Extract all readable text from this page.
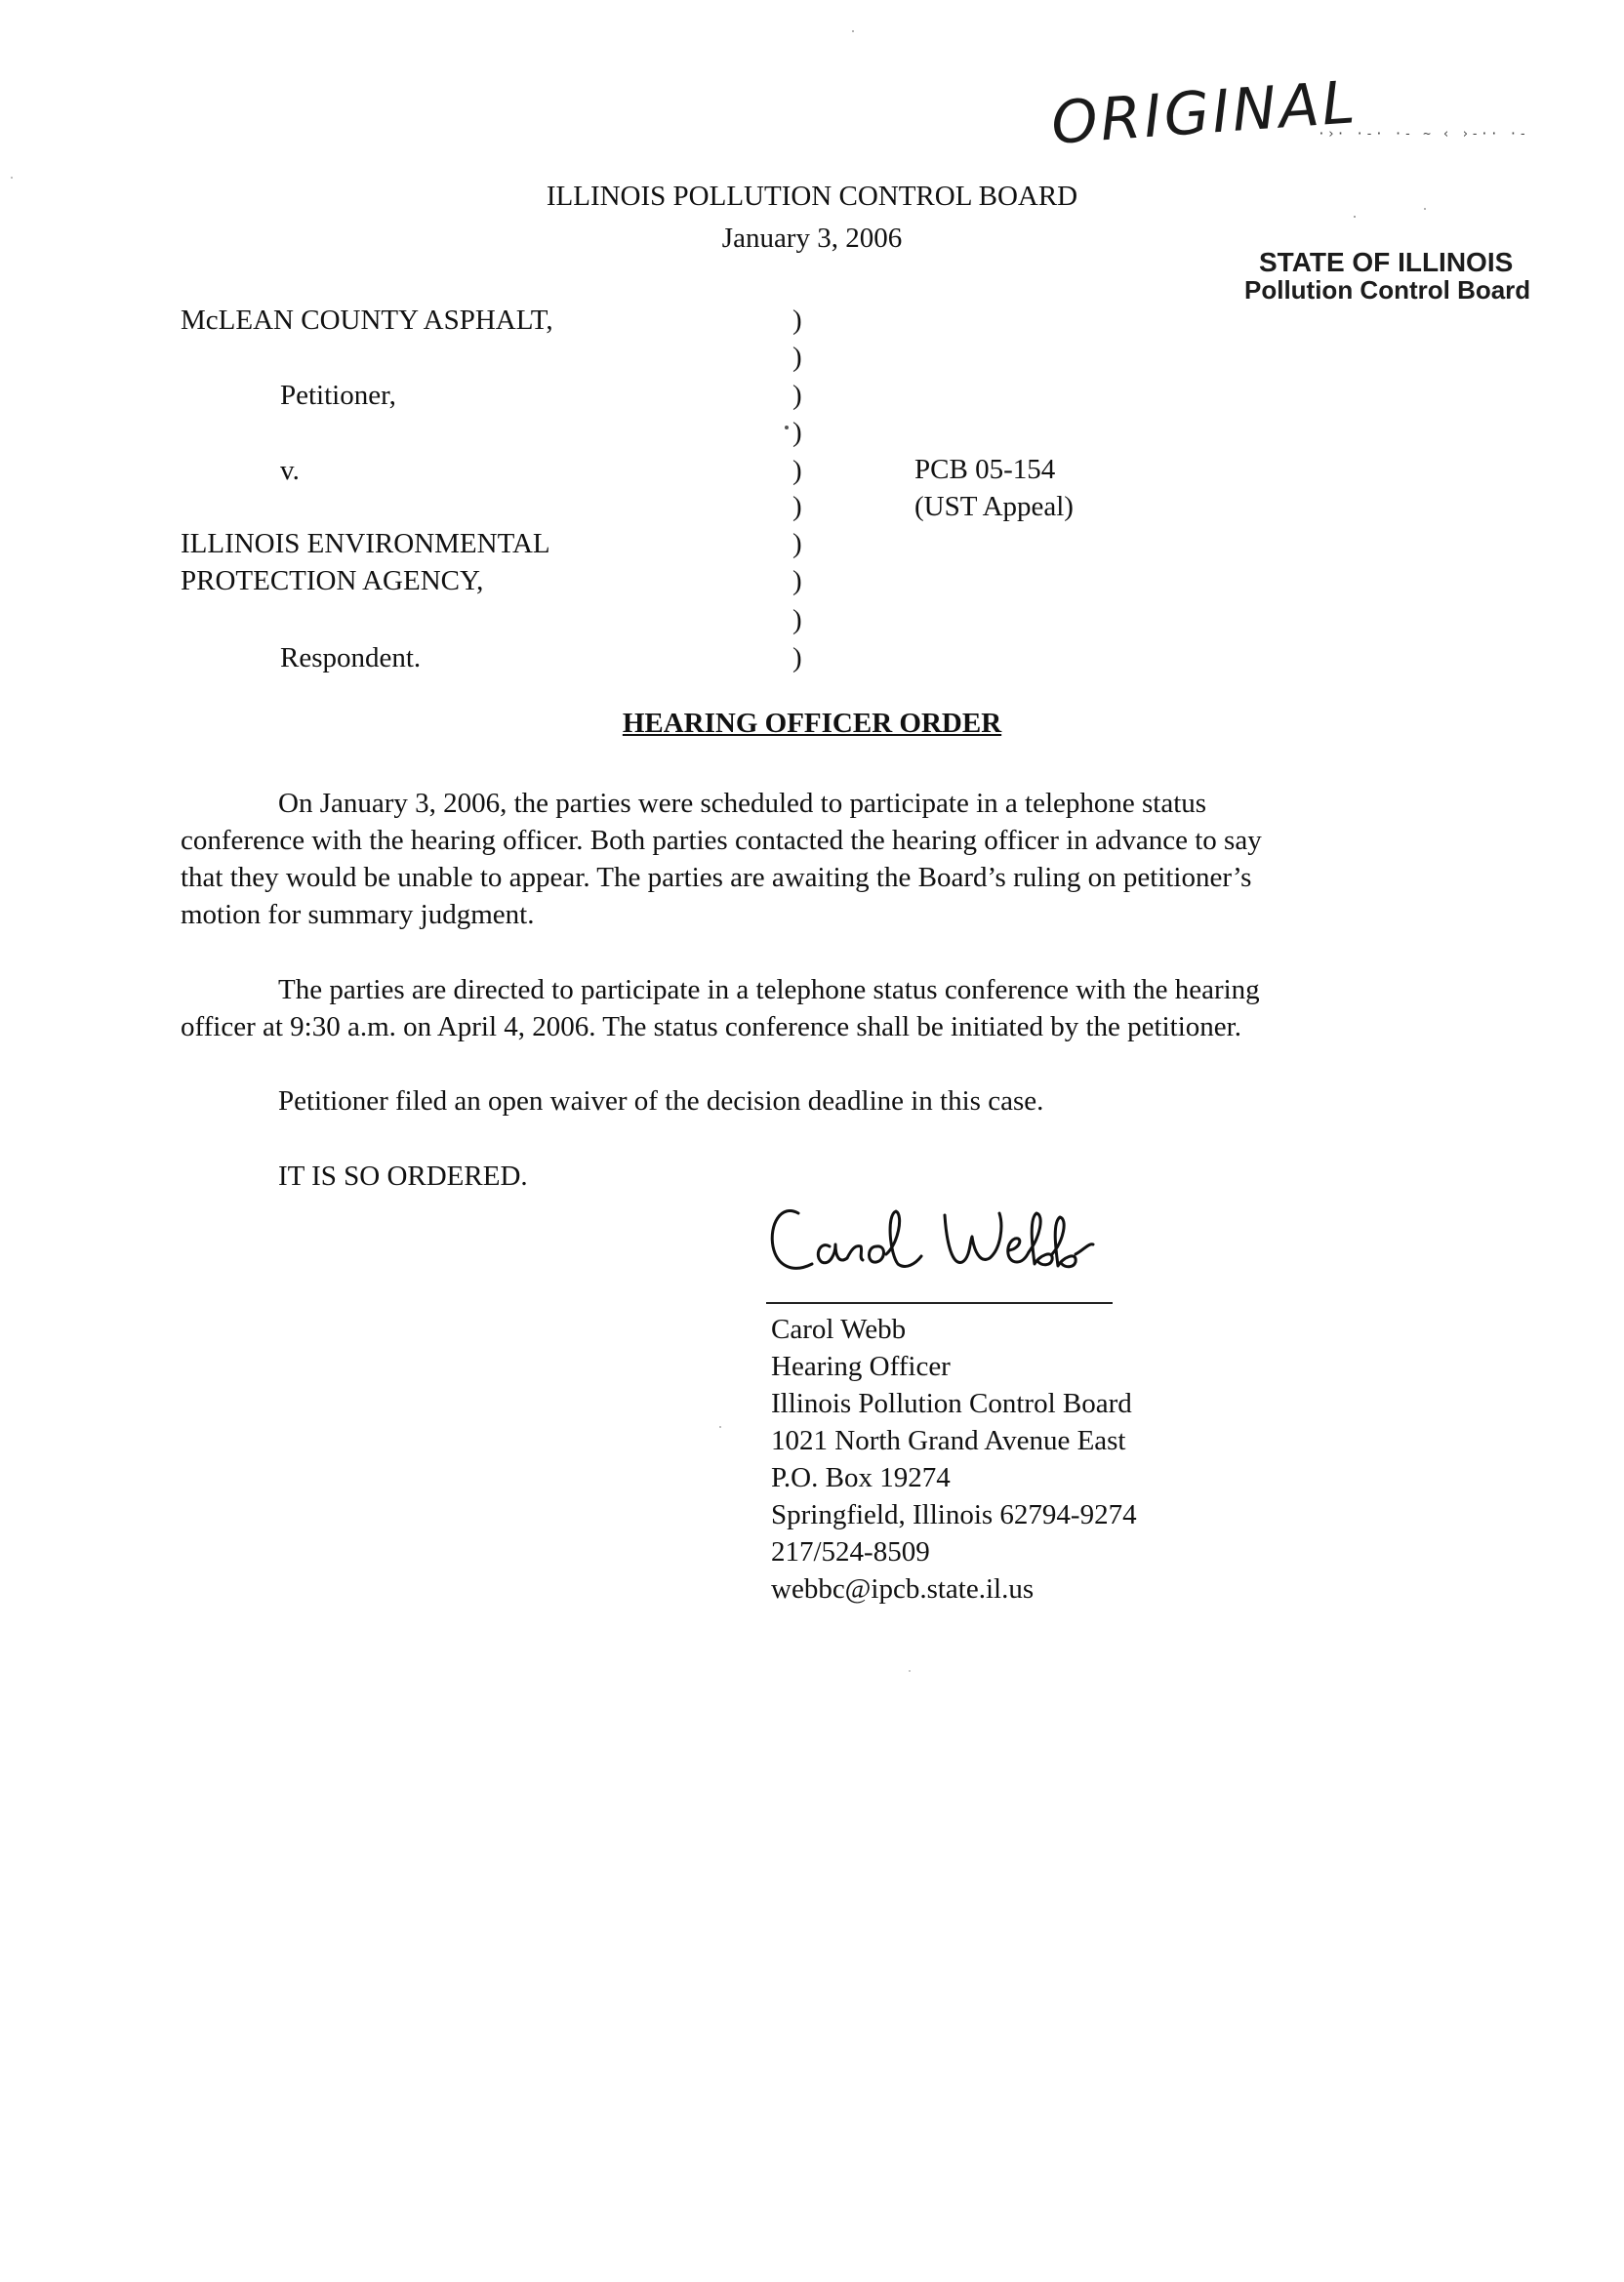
ORIGINAL
·›· ·-· ·- ~ ‹ ›-·· ·-
STATE OF ILLINOIS
Pollution Control Board
ILLINOIS POLLUTION CONTROL BOARD
January 3, 2006
McLEAN COUNTY ASPHALT,
Petitioner,
v.
ILLINOIS ENVIRONMENTAL
PROTECTION AGENCY,
Respondent.
)
)
)
)
)
)
)
)
)
)
PCB 05-154
(UST Appeal)
HEARING OFFICER ORDER
On January 3, 2006, the parties were scheduled to participate in a telephone status
conference with the hearing officer. Both parties contacted the hearing officer in advance to say
that they would be unable to appear. The parties are awaiting the Board’s ruling on petitioner’s
motion for summary judgment.
The parties are directed to participate in a telephone status conference with the hearing
officer at 9:30 a.m. on April 4, 2006. The status conference shall be initiated by the petitioner.
Petitioner filed an open waiver of the decision deadline in this case.
IT IS SO ORDERED.
Carol Webb
Hearing Officer
Illinois Pollution Control Board
1021 North Grand Avenue East
P.O. Box 19274
Springfield, Illinois 62794-9274
217/524-8509
webbc@ipcb.state.il.us
